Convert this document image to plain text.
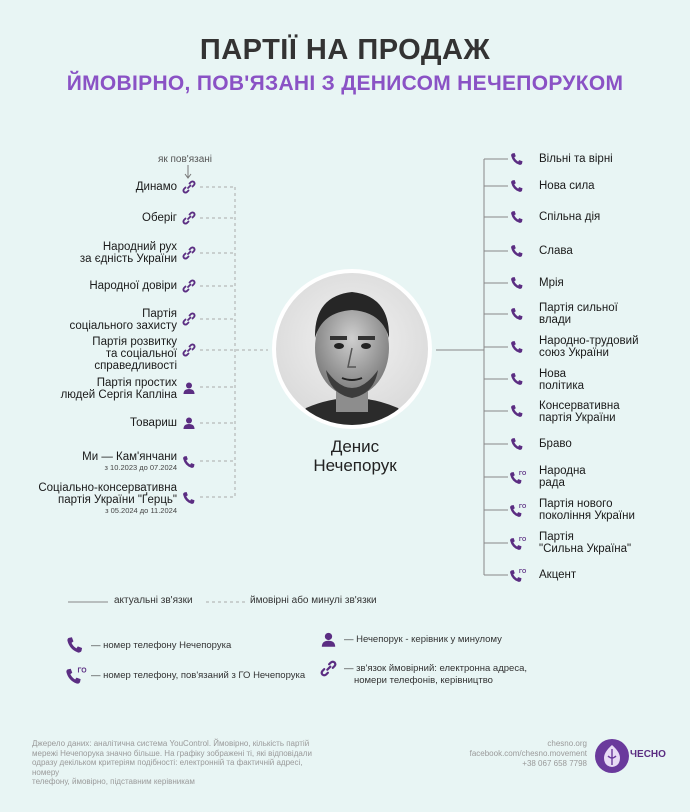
ПАРТІЇ НА ПРОДАЖ
ЙМОВІРНО, ПОВ'ЯЗАНІ З ДЕНИСОМ НЕЧЕПОРУКОМ
як пов'язані
Денис
Нечепорук
Динамо
Оберіг
Народний рух
за єдність України
Народної довіри
Партія
соціального захисту
Партія розвитку
та соціальної
справедливості
Партія простих
людей Сергія Капліна
Товариш
Ми — Кам'янчани
з 10.2023 до 07.2024
Соціально-консервативна
партія України "Ґерць"
з 05.2024 до 11.2024
Вільні та вірні
Нова сила
Спільна дія
Слава
Мрія
Партія сильної
влади
Народно-трудовий
союз України
Нова
політика
Консервативна
партія України
Браво
ГО Народна
рада
ГО Партія нового
покоління України
ГО Партія
"Сильна Україна"
ГО Акцент
актуальні зв'язки	ймовірні або минулі зв'язки
— номер телефону Нечепорука
ГО — номер телефону, пов'язаний з ГО Нечепорука
— Нечепорук - керівник у минулому
— зв'язок ймовірний: електронна адреса,
номери телефонів, керівництво
Джерело даних: аналітична система YouControl. Ймовірно, кількість партій
мережі Нечепорука значно більше. На графіку зображені ті, які відповідали
одразу декільком критеріям подібності: електронній та фактичній адресі, номеру
телефону, ймовірно, підставним керівникам
chesno.org
facebook.com/chesno.movement
+38 067 658 7798
ЧЕСНО
